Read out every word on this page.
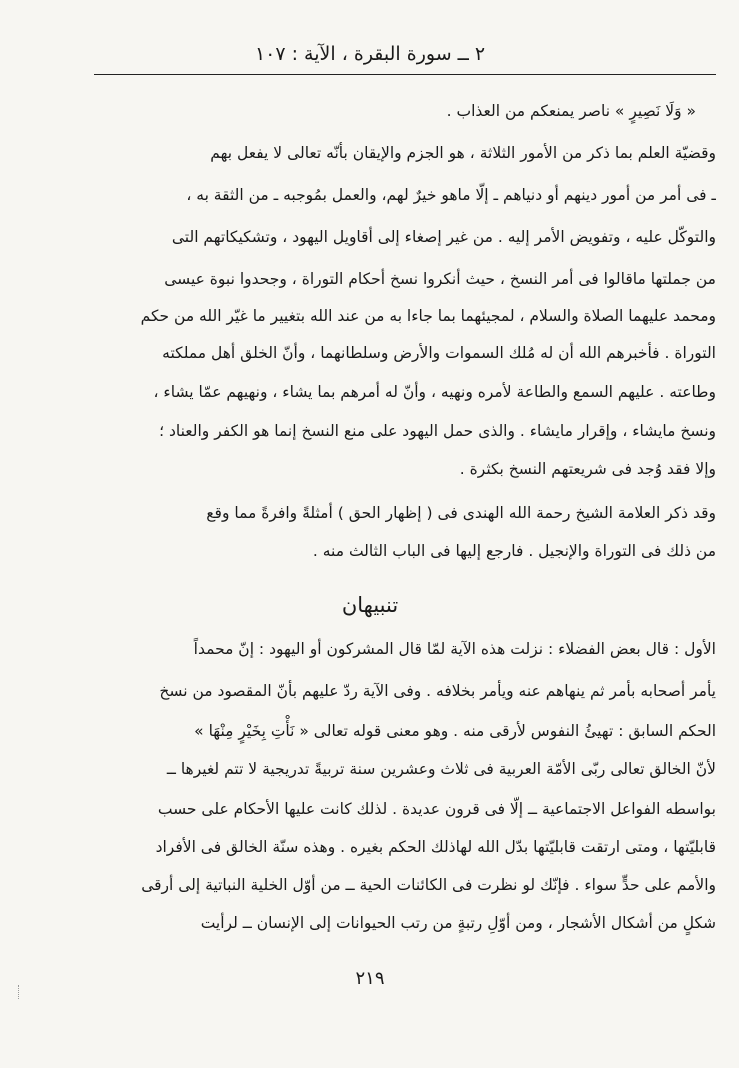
٢ ــ سورة البقرة ، الآية : ١٠٧
« وَلَا نَصِيرٍ » ناصر يمنعكم من العذاب .
وقضيّة العلم بما ذكر من الأمور الثلاثة ، هو الجزم والإيقان بأنّه تعالى لا يفعل بهم
ـ فى أمر من أمور دينهم أو دنياهم ـ إلّا ماهو خيرٌ لهم، والعمل بمُوجبه ـ من الثقة به ،
والتوكّل عليه ، وتفويض الأمر إليه . من غير إصغاء إلى أقاويل اليهود ، وتشكيكاتهم التى
من جملتها ماقالوا فى أمر النسخ ، حيث أنكروا نسخ أحكام التوراة ، وجحدوا نبوة عيسى
ومحمد عليهما الصلاة والسلام ، لمجيئهما بما جاءا به من عند الله بتغيير ما غيّر الله من حكم
التوراة . فأخبرهم الله أن له مُلك السموات والأرض وسلطانهما ، وأنّ الخلق أهل مملكته
وطاعته . عليهم السمع والطاعة لأمره ونهيه ، وأنّ له أمرهم بما يشاء ، ونهيهم عمّا يشاء ،
ونسخ مايشاء ، وإقرار مايشاء . والذى حمل اليهود على منع النسخ إنما هو الكفر والعناد ؛
وإلا فقد وُجد فى شريعتهم النسخ بكثرة .
وقد ذكر العلامة الشيخ رحمة الله الهندى فى ( إظهار الحق ) أمثلةً وافرةً مما وقع
من ذلك فى التوراة والإنجيل . فارجع إليها فى الباب الثالث منه .
تنبيهان
الأول : قال بعض الفضلاء : نزلت هذه الآية لمّا قال المشركون أو اليهود : إنّ محمداً
يأمر أصحابه بأمر ثم ينهاهم عنه ويأمر بخلافه . وفى الآية ردّ عليهم بأنّ المقصود من نسخ
الحكم السابق : تهيئُ النفوس لأرقى منه . وهو معنى قوله تعالى « نَأْتِ بِخَيْرٍ مِنْهَا »
لأنّ الخالق تعالى ربّى الأمّة العربية فى ثلاث وعشرين سنة تربيةً تدريجية لا تتم لغيرها ــ
بواسطه الفواعل الاجتماعية ــ إلّا فى قرون عديدة . لذلك كانت عليها الأحكام على حسب
قابليّتها ، ومتى ارتقت قابليّتها بدّل الله لهاذلك الحكم بغيره . وهذه سنّة الخالق فى الأفراد
والأمم على حدٍّ سواء . فإنّك لو نظرت فى الكائنات الحية ــ من أوّل الخلية النباتية إلى أرقى
شكلٍ من أشكال الأشجار ، ومن أوّلِ رتبةٍ من رتب الحيوانات إلى الإنسان ــ لرأيت
٢١٩
